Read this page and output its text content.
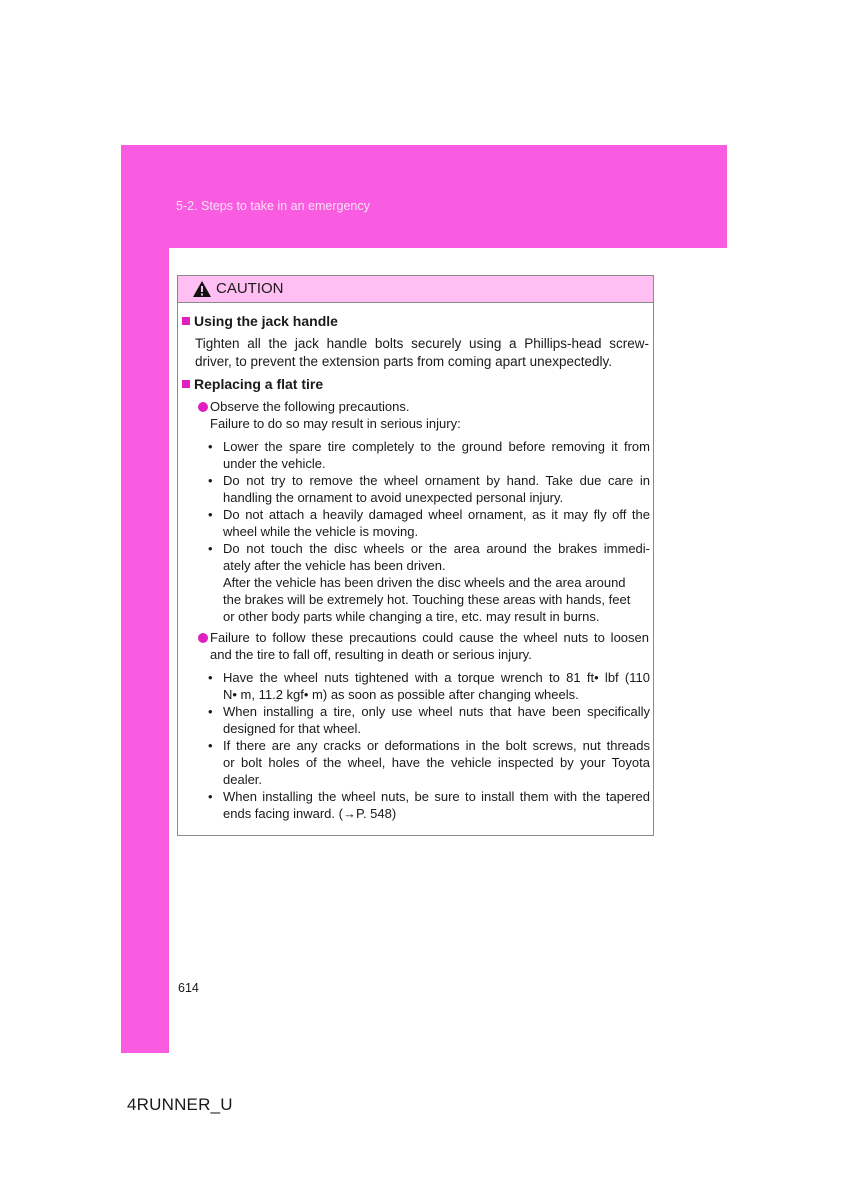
5-2. Steps to take in an emergency
CAUTION
Using the jack handle
Tighten all the jack handle bolts securely using a Phillips-head screw-
driver, to prevent the extension parts from coming apart unexpectedly.
Replacing a flat tire
Observe the following precautions.
Failure to do so may result in serious injury:
• Lower the spare tire completely to the ground before removing it from
under the vehicle.
• Do not try to remove the wheel ornament by hand. Take due care in
handling the ornament to avoid unexpected personal injury.
• Do not attach a heavily damaged wheel ornament, as it may fly off the
wheel while the vehicle is moving.
• Do not touch the disc wheels or the area around the brakes immedi-
ately after the vehicle has been driven.
After the vehicle has been driven the disc wheels and the area around
the brakes will be extremely hot. Touching these areas with hands, feet
or other body parts while changing a tire, etc. may result in burns.
Failure to follow these precautions could cause the wheel nuts to loosen
and the tire to fall off, resulting in death or serious injury.
• Have the wheel nuts tightened with a torque wrench to 81 ft• lbf (110
N• m, 11.2 kgf• m) as soon as possible after changing wheels.
• When installing a tire, only use wheel nuts that have been specifically
designed for that wheel.
• If there are any cracks or deformations in the bolt screws, nut threads
or bolt holes of the wheel, have the vehicle inspected by your Toyota
dealer.
• When installing the wheel nuts, be sure to install them with the tapered
ends facing inward. (→P. 548)
614
4RUNNER_U
